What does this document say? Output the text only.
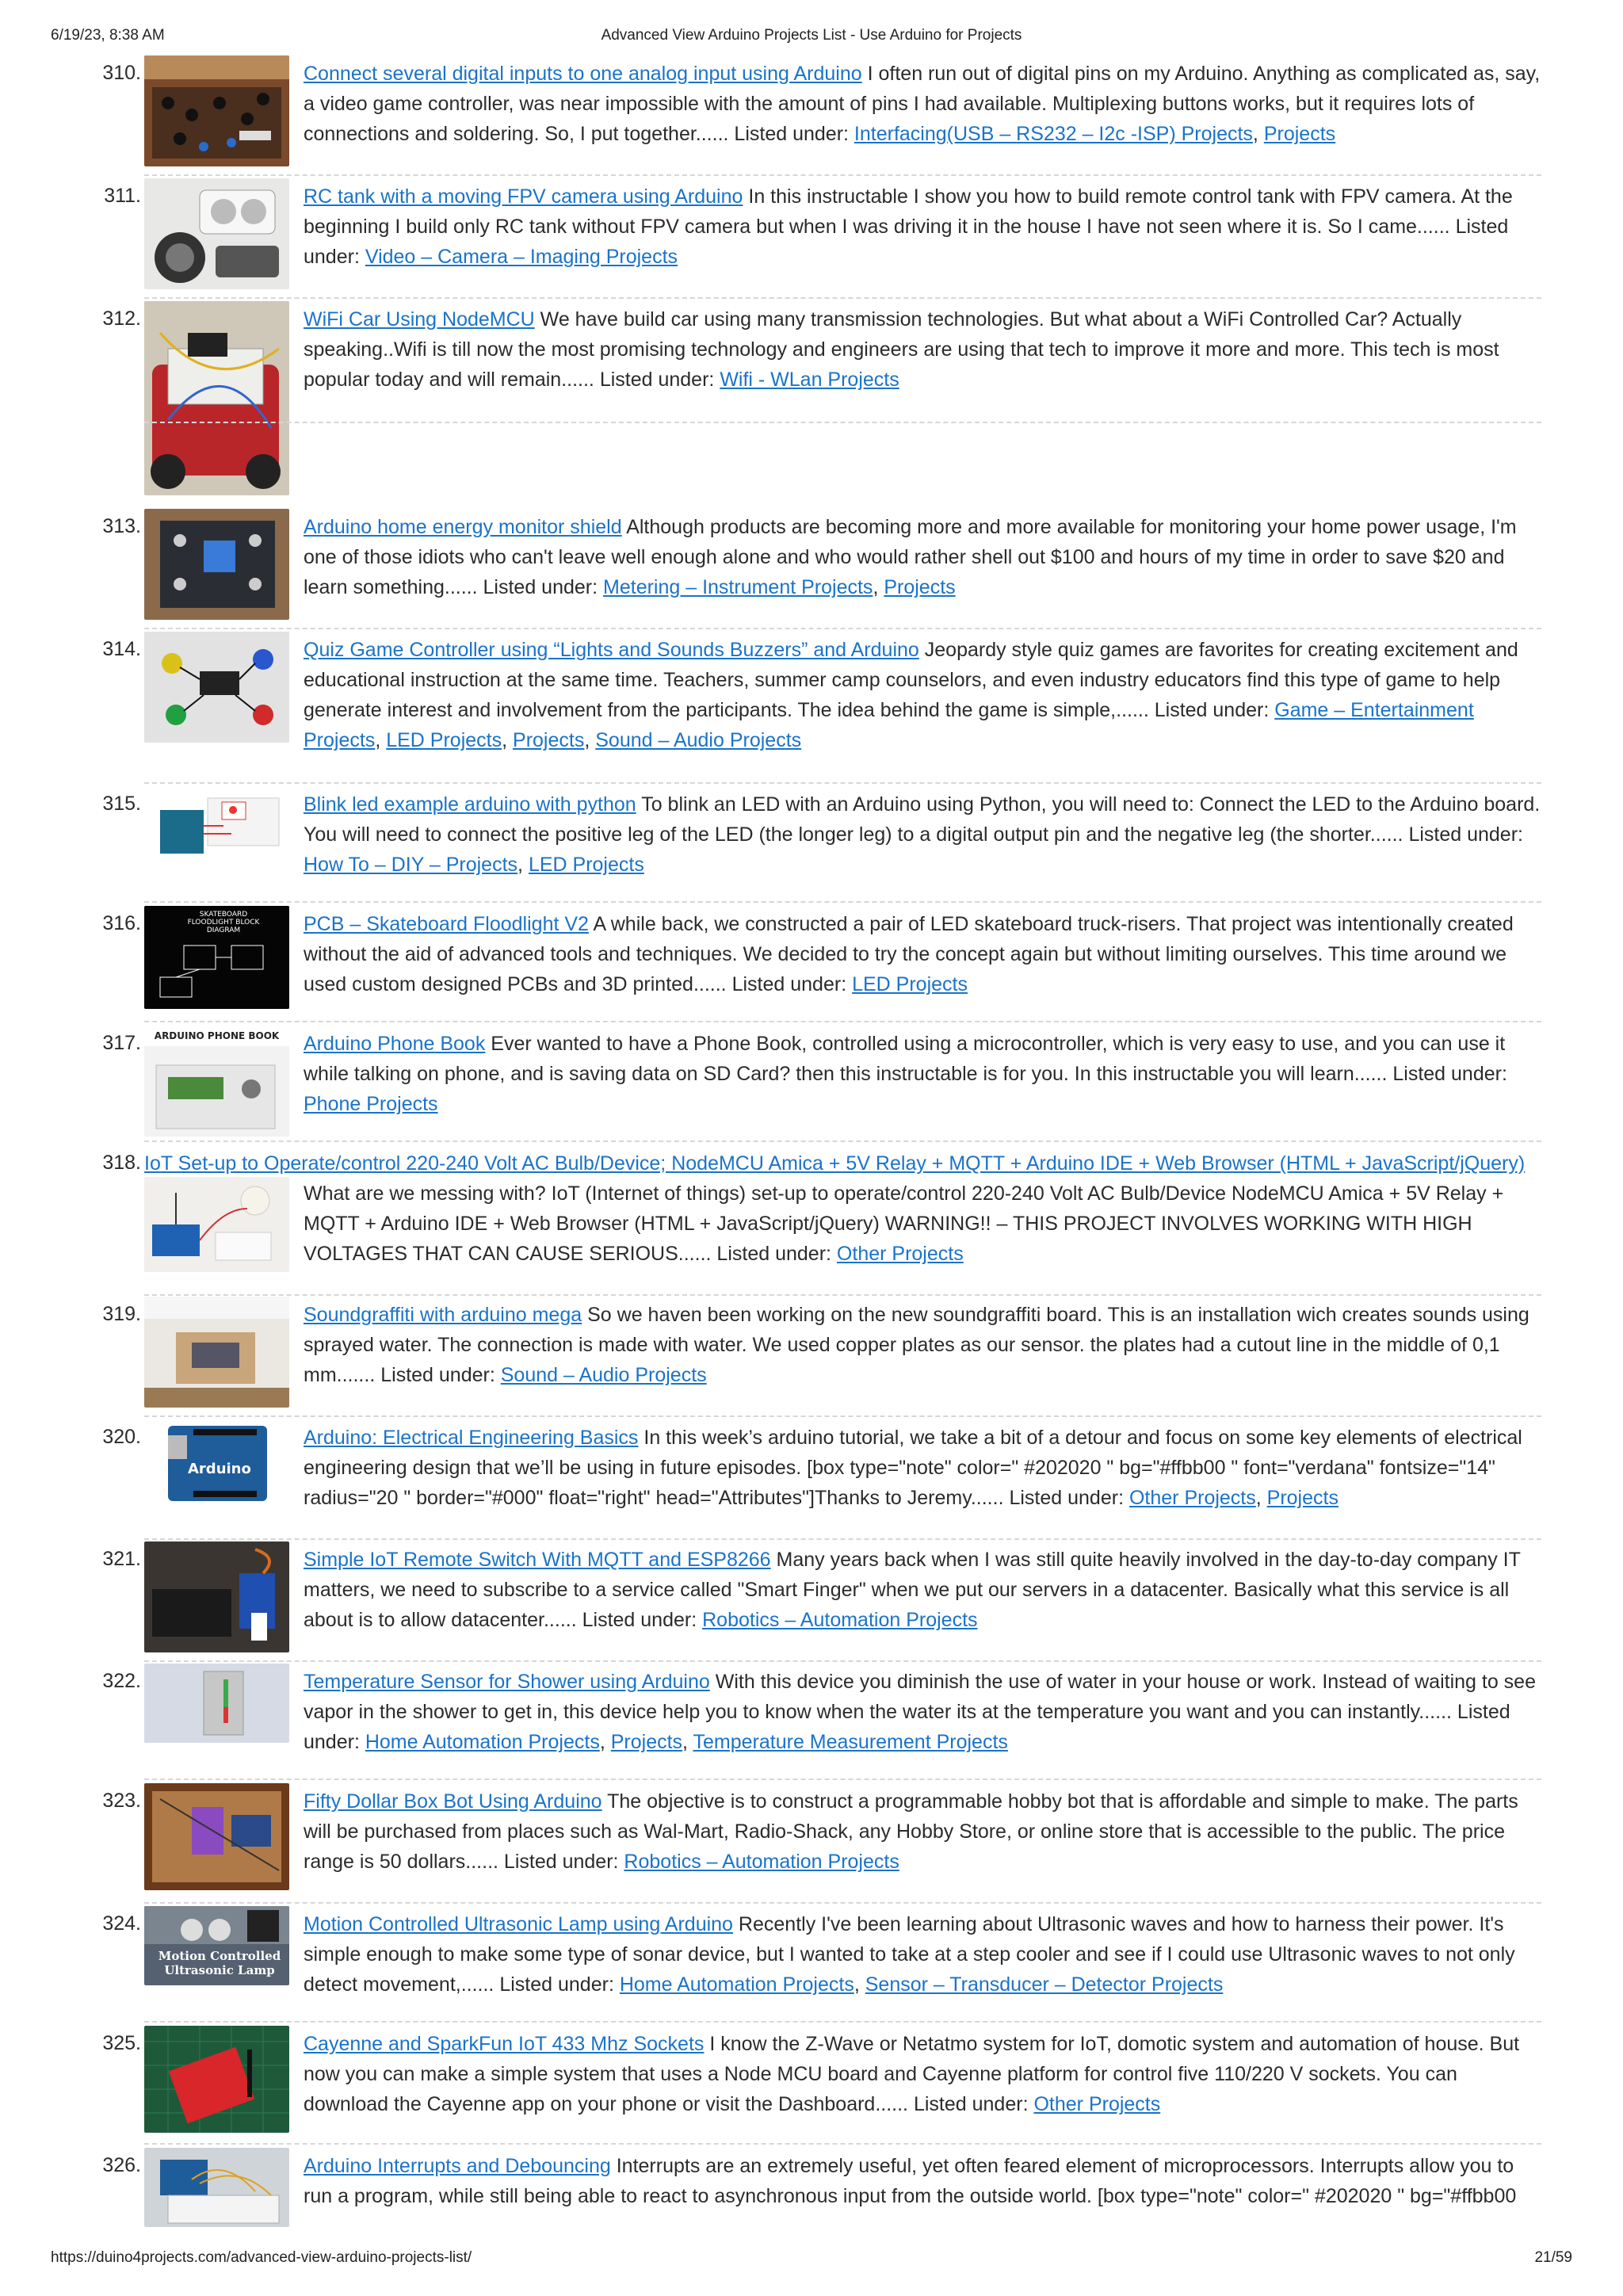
6/19/23, 8:38 AM	Advanced View Arduino Projects List - Use Arduino for Projects
310.	Connect several digital inputs to one analog input using Arduino I often run out of digital pins on my Arduino. Anything as complicated as, say, a video game controller, was near impossible with the amount of pins I had available. Multiplexing buttons works, but it requires lots of connections and soldering. So, I put together...... Listed under: Interfacing(USB – RS232 – I2c -ISP) Projects, Projects
311.	RC tank with a moving FPV camera using Arduino In this instructable I show you how to build remote control tank with FPV camera. At the beginning I build only RC tank without FPV camera but when I was driving it in the house I have not seen where it is. So I came...... Listed under: Video – Camera – Imaging Projects
312.	WiFi Car Using NodeMCU We have build car using many transmission technologies. But what about a WiFi Controlled Car? Actually speaking..Wifi is till now the most promising technology and engineers are using that tech to improve it more and more. This tech is most popular today and will remain...... Listed under: Wifi - WLan Projects
313.	Arduino home energy monitor shield Although products are becoming more and more available for monitoring your home power usage, I'm one of those idiots who can't leave well enough alone and who would rather shell out $100 and hours of my time in order to save $20 and learn something...... Listed under: Metering – Instrument Projects, Projects
314.	Quiz Game Controller using “Lights and Sounds Buzzers” and Arduino Jeopardy style quiz games are favorites for creating excitement and educational instruction at the same time. Teachers, summer camp counselors, and even industry educators find this type of game to help generate interest and involvement from the participants. The idea behind the game is simple,...... Listed under: Game – Entertainment Projects, LED Projects, Projects, Sound – Audio Projects
315.	Blink led example arduino with python To blink an LED with an Arduino using Python, you will need to: Connect the LED to the Arduino board. You will need to connect the positive leg of the LED (the longer leg) to a digital output pin and the negative leg (the shorter...... Listed under: How To – DIY – Projects, LED Projects
316.	SKATEBOARD FLOODLIGHT BLOCK DIAGRAM	PCB – Skateboard Floodlight V2 A while back, we constructed a pair of LED skateboard truck-risers. That project was intentionally created without the aid of advanced tools and techniques. We decided to try the concept again but without limiting ourselves. This time around we used custom designed PCBs and 3D printed...... Listed under: LED Projects
317.	ARDUINO PHONE BOOK	Arduino Phone Book Ever wanted to have a Phone Book, controlled using a microcontroller, which is very easy to use, and you can use it while talking on phone, and is saving data on SD Card? then this instructable is for you. In this instructable you will learn...... Listed under: Phone Projects
318. IoT Set-up to Operate/control 220-240 Volt AC Bulb/Device; NodeMCU Amica + 5V Relay + MQTT + Arduino IDE + Web Browser (HTML + JavaScript/jQuery)
What are we messing with? IoT (Internet of things) set-up to operate/control 220-240 Volt AC Bulb/Device NodeMCU Amica + 5V Relay + MQTT + Arduino IDE + Web Browser (HTML + JavaScript/jQuery) WARNING!! – THIS PROJECT INVOLVES WORKING WITH HIGH VOLTAGES THAT CAN CAUSE SERIOUS...... Listed under: Other Projects
319.	Soundgraffiti with arduino mega So we haven been working on the new soundgraffiti board. This is an installation wich creates sounds using sprayed water. The connection is made with water. We used copper plates as our sensor. the plates had a cutout line in the middle of 0,1 mm....... Listed under: Sound – Audio Projects
320.
Arduino
Arduino: Electrical Engineering Basics In this week’s arduino tutorial, we take a bit of a detour and focus on some key elements of electrical engineering design that we’ll be using in future episodes. [box type="note" color=" #202020 " bg="#ffbb00 " font="verdana" fontsize="14" radius="20 " border="#000" float="right" head="Attributes"]Thanks to Jeremy...... Listed under: Other Projects, Projects
321.	Simple IoT Remote Switch With MQTT and ESP8266 Many years back when I was still quite heavily involved in the day-to-day company IT matters, we need to subscribe to a service called "Smart Finger" when we put our servers in a datacenter. Basically what this service is all about is to allow datacenter...... Listed under: Robotics – Automation Projects
322.	Temperature Sensor for Shower using Arduino With this device you diminish the use of water in your house or work. Instead of waiting to see vapor in the shower to get in, this device help you to know when the water its at the temperature you want and you can instantly...... Listed under: Home Automation Projects, Projects, Temperature Measurement Projects
323.	Fifty Dollar Box Bot Using Arduino The objective is to construct a programmable hobby bot that is affordable and simple to make. The parts will be purchased from places such as Wal-Mart, Radio-Shack, any Hobby Store, or online store that is accessible to the public. The price range is 50 dollars...... Listed under: Robotics – Automation Projects
324.
Motion Controlled Ultrasonic Lamp
Motion Controlled Ultrasonic Lamp using Arduino Recently I've been learning about Ultrasonic waves and how to harness their power. It's simple enough to make some type of sonar device, but I wanted to take at a step cooler and see if I could use Ultrasonic waves to not only detect movement,...... Listed under: Home Automation Projects, Sensor – Transducer – Detector Projects
325.	Cayenne and SparkFun IoT 433 Mhz Sockets I know the Z-Wave or Netatmo system for IoT, domotic system and automation of house. But now you can make a simple system that uses a Node MCU board and Cayenne platform for control five 110/220 V sockets. You can download the Cayenne app on your phone or visit the Dashboard...... Listed under: Other Projects
326.	Arduino Interrupts and Debouncing Interrupts are an extremely useful, yet often feared element of microprocessors. Interrupts allow you to run a program, while still being able to react to asynchronous input from the outside world. [box type="note" color=" #202020 " bg="#ffbb00
https://duino4projects.com/advanced-view-arduino-projects-list/	21/59
